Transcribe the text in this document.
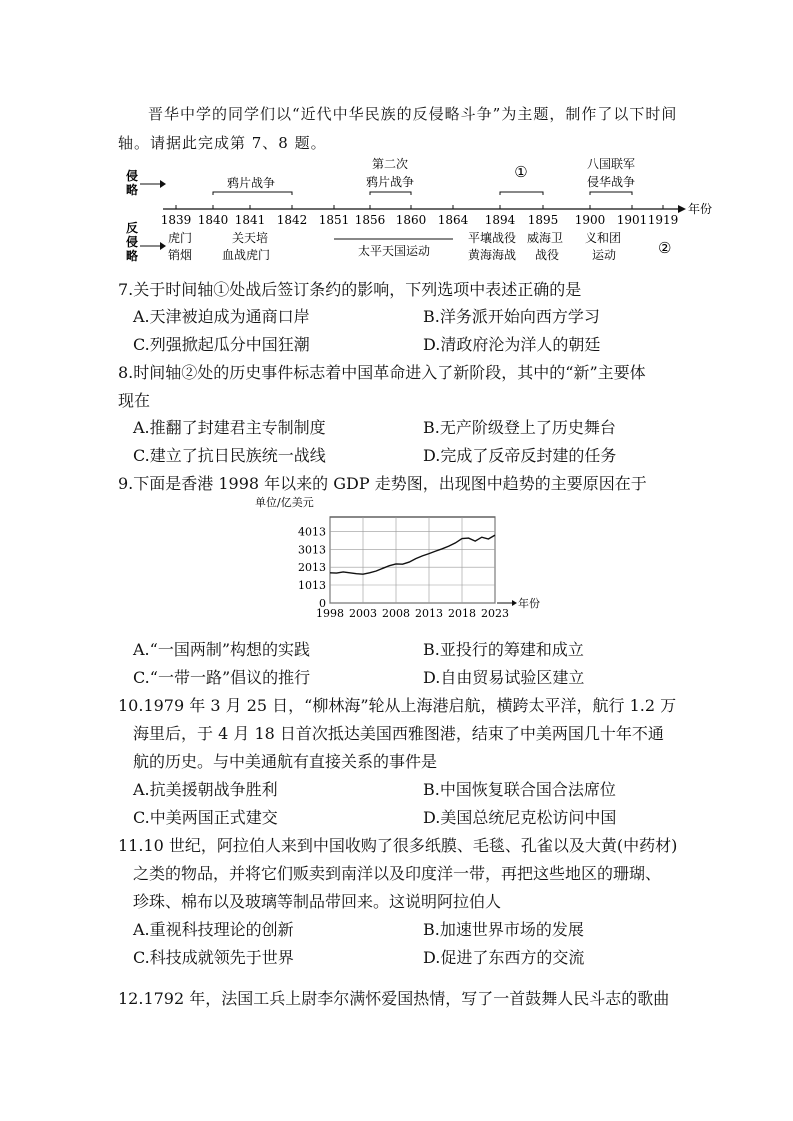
晋华中学的同学们以“近代中华民族的反侵略斗争”为主题，制作了以下时间
轴。请据此完成第 7、8 题。
侵
略
反
侵
略
年份
1839 1840 1841 1842 1851 1856 1860 1864 1894 1895 1900 1901 1919
鸦片战争
第二次
鸦片战争
①	八国联军
侵华战争
虎门
销烟
关天培
血战虎门	太平天国运动
平壤战役
黄海海战
威海卫
战役
义和团
运动	②
7.关于时间轴①处战后签订条约的影响，下列选项中表述正确的是
A.天津被迫成为通商口岸	B.洋务派开始向西方学习
C.列强掀起瓜分中国狂潮	D.清政府沦为洋人的朝廷
8.时间轴②处的历史事件标志着中国革命进入了新阶段，其中的“新”主要体
现在
A.推翻了封建君主专制制度	B.无产阶级登上了历史舞台
C.建立了抗日民族统一战线	D.完成了反帝反封建的任务
9.下面是香港 1998 年以来的 GDP 走势图，出现图中趋势的主要原因在于
单位/亿美元
0
1013
2013
3013
4013
1998 2003 2008 2013 2018 2023
年份
A.“一国两制”构想的实践	B.亚投行的筹建和成立
C.“一带一路”倡议的推行	D.自由贸易试验区建立
10.1979 年 3 月 25 日，“柳林海”轮从上海港启航，横跨太平洋，航行 1.2 万
海里后，于 4 月 18 日首次抵达美国西雅图港，结束了中美两国几十年不通
航的历史。与中美通航有直接关系的事件是
A.抗美援朝战争胜利	B.中国恢复联合国合法席位
C.中美两国正式建交	D.美国总统尼克松访问中国
11.10 世纪，阿拉伯人来到中国收购了很多纸膜、毛毯、孔雀以及大黄(中药材)
之类的物品，并将它们贩卖到南洋以及印度洋一带，再把这些地区的珊瑚、
珍珠、棉布以及玻璃等制品带回来。这说明阿拉伯人
A.重视科技理论的创新	B.加速世界市场的发展
C.科技成就领先于世界	D.促进了东西方的交流
12.1792 年，法国工兵上尉李尔满怀爱国热情，写了一首鼓舞人民斗志的歌曲
